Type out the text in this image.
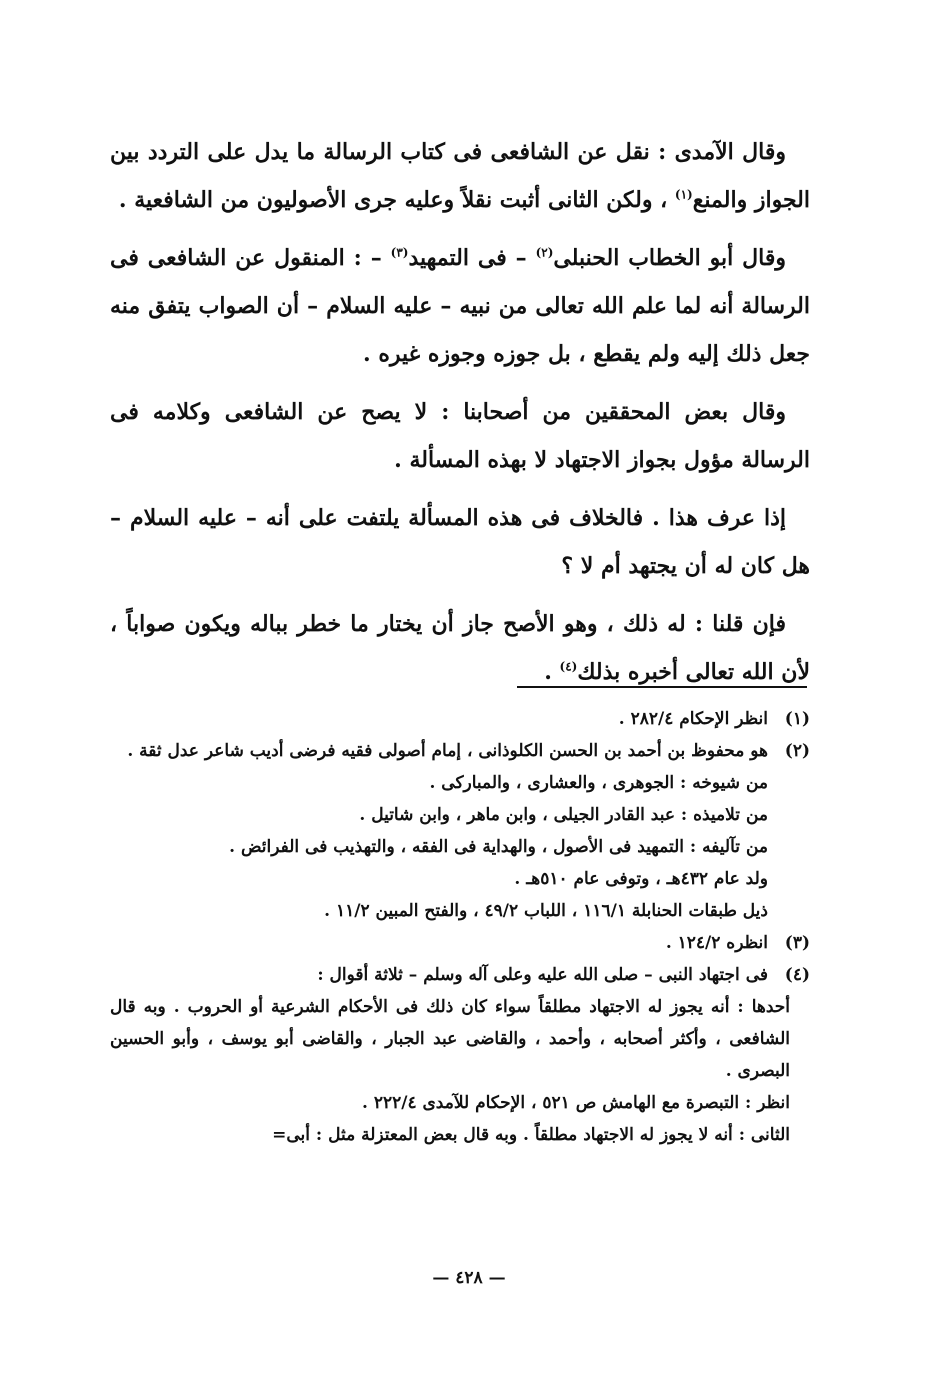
وقال الآمدى : نقل عن الشافعى فى كتاب الرسالة ما يدل على التردد بين الجواز والمنع$^{(١)}$ ، ولكن الثانى أثبت نقلاً وعليه جرى الأصوليون من الشافعية .

وقال أبو الخطاب الحنبلى$^{(٢)}$ – فى التمهيد$^{(٣)}$ – : المنقول عن الشافعى فى الرسالة أنه لما علم الله تعالى من نبيه – عليه السلام – أن الصواب يتفق منه جعل ذلك إليه ولم يقطع ، بل جوزه وجوزه غيره .

وقال بعض المحققين من أصحابنا : لا يصح عن الشافعى وكلامه فى الرسالة مؤول بجواز الاجتهاد لا بهذه المسألة .

إذا عرف هذا . فالخلاف فى هذه المسألة يلتفت على أنه – عليه السلام – هل كان له أن يجتهد أم لا ؟

فإن قلنا : له ذلك ، وهو الأصح جاز أن يختار ما خطر بباله ويكون صواباً ، لأن الله تعالى أخبره بذلك$^{(٤)}$ .

(١)
انظر الإحكام ٢٨٢/٤ .
(٢)
هو محفوظ بن أحمد بن الحسن الكلوذانى ، إمام أصولى فقيه فرضى أديب شاعر عدل ثقة .
من شيوخه : الجوهرى ، والعشارى ، والمباركى .
من تلاميذه : عبد القادر الجيلى ، وابن ماهر ، وابن شاتيل .
من تآليفه : التمهيد فى الأصول ، والهداية فى الفقه ، والتهذيب فى الفرائض .
ولد عام ٤٣٢هـ ، وتوفى عام ٥١٠هـ .
ذيل طبقات الحنابلة ١١٦/١ ، اللباب ٤٩/٢ ، والفتح المبين ١١/٢ .
(٣)
انظره ١٢٤/٢ .
(٤)
فى اجتهاد النبى – صلى الله عليه وعلى آله وسلم – ثلاثة أقوال :
أحدها : أنه يجوز له الاجتهاد مطلقاً سواء كان ذلك فى الأحكام الشرعية أو الحروب . وبه قال الشافعى ، وأكثر أصحابه ، وأحمد ، والقاضى عبد الجبار ، والقاضى أبو يوسف ، وأبو الحسين البصرى .
انظر : التبصرة مع الهامش ص ٥٢١ ، الإحكام للآمدى ٢٢٢/٤ .
الثانى : أنه لا يجوز له الاجتهاد مطلقاً . وبه قال بعض المعتزلة مثل : أبى=
— ٤٢٨ —
